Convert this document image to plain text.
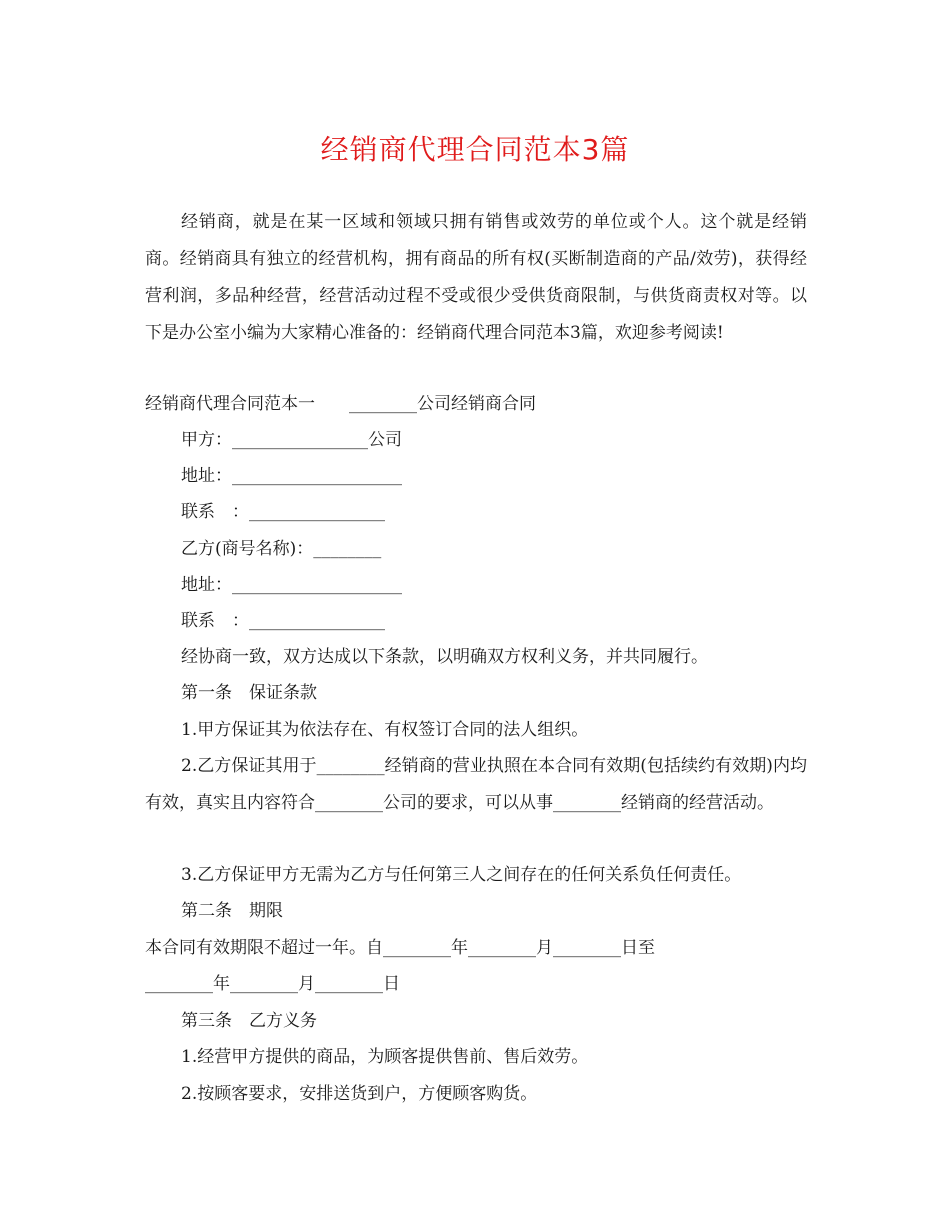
经销商代理合同范本3篇
经销商，就是在某一区域和领域只拥有销售或效劳的单位或个人。这个就是经销商。经销商具有独立的经营机构，拥有商品的所有权(买断制造商的产品/效劳)，获得经营利润，多品种经营，经营活动过程不受或很少受供货商限制，与供货商责权对等。以下是办公室小编为大家精心准备的：经销商代理合同范本3篇，欢迎参考阅读!
经销商代理合同范本一　　________公司经销商合同
甲方：________________公司
地址：____________________
联系　：________________
乙方(商号名称)：________
地址：____________________
联系　：________________
经协商一致，双方达成以下条款，以明确双方权利义务，并共同履行。
第一条　保证条款
1.甲方保证其为依法存在、有权签订合同的法人组织。

2.乙方保证其用于________经销商的营业执照在本合同有效期(包括续约有效期)内均有效，真实且内容符合________公司的要求，可以从事________经销商的经营活动。

3.乙方保证甲方无需为乙方与任何第三人之间存在的任何关系负任何责任。
第二条　期限
本合同有效期限不超过一年。自________年________月________日至
________年________月________日
第三条　乙方义务
1.经营甲方提供的商品，为顾客提供售前、售后效劳。
2.按顾客要求，安排送货到户，方便顾客购货。
